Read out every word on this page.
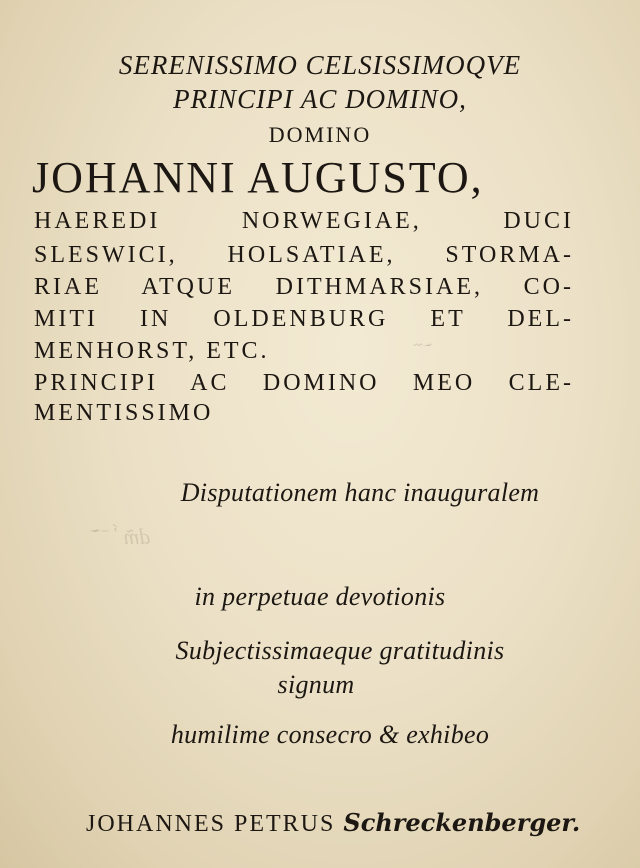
dm̃ ̓ ́ ̄ ̃ ̄
̃ ̄ ̃ ̃
SERENISSIMO CELSISSIMOQVE
PRINCIPI AC DOMINO,
DOMINO
JOHANNI AUGUSTO,
HAEREDI NORWEGIAE, DUCI
SLESWICI, HOLSATIAE, STORMA-
RIAE ATQUE DITHMARSIAE, CO-
MITI IN OLDENBURG ET DEL-
MENHORST, ETC.
PRINCIPI AC DOMINO MEO CLE-
MENTISSIMO
Disputationem hanc inauguralem
in perpetuae devotionis
Subjectissimaeque gratitudinis
signum
humilime consecro & exhibeo
JOHANNES PETRUS Schreckenberger.
